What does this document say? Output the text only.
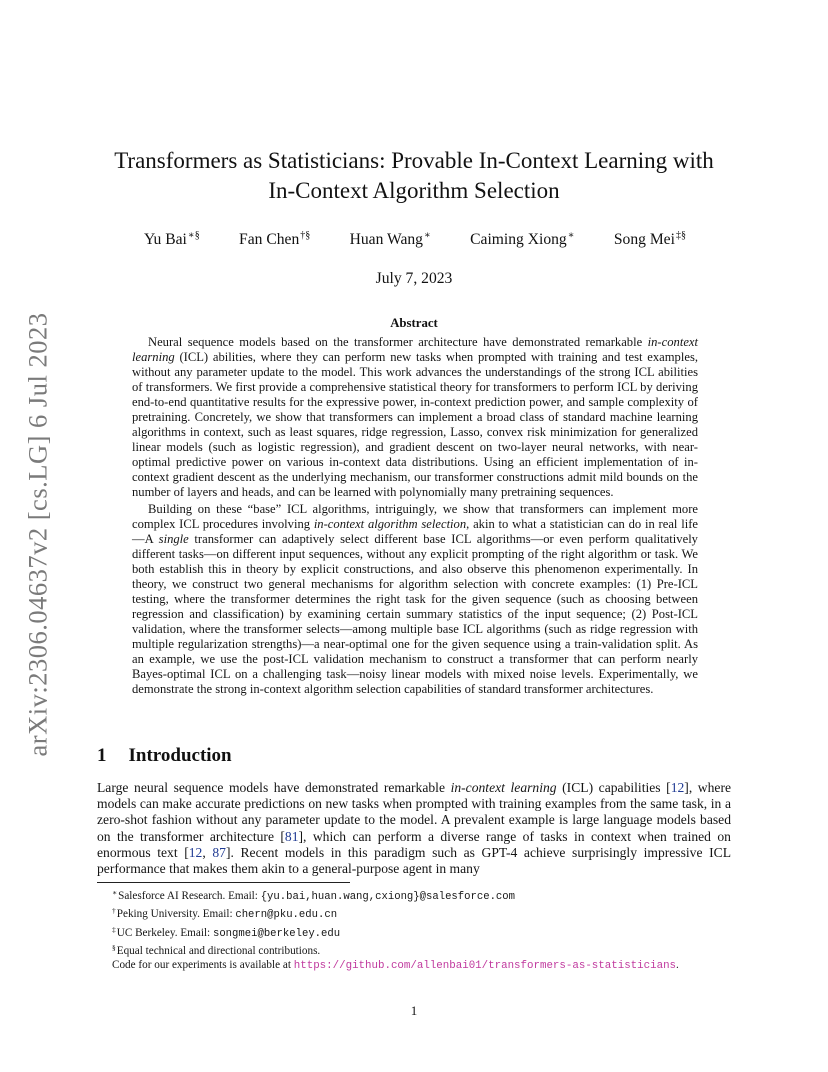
arXiv:2306.04637v2 [cs.LG] 6 Jul 2023
Transformers as Statisticians: Provable In-Context Learning with
In-Context Algorithm Selection
Yu Bai∗§	Fan Chen†§	Huan Wang∗	Caiming Xiong∗	Song Mei‡§
July 7, 2023
Abstract

Neural sequence models based on the transformer architecture have demonstrated remarkable in-context learning (ICL) abilities, where they can perform new tasks when prompted with training and test examples, without any parameter update to the model. This work advances the understandings of the strong ICL abilities of transformers. We first provide a comprehensive statistical theory for transformers to perform ICL by deriving end-to-end quantitative results for the expressive power, in-context prediction power, and sample complexity of pretraining. Concretely, we show that transformers can implement a broad class of standard machine learning algorithms in context, such as least squares, ridge regression, Lasso, convex risk minimization for generalized linear models (such as logistic regression), and gradient descent on two-layer neural networks, with near-optimal predictive power on various in-context data distributions. Using an efficient implementation of in-context gradient descent as the underlying mechanism, our transformer constructions admit mild bounds on the number of layers and heads, and can be learned with polynomially many pretraining sequences.

Building on these “base” ICL algorithms, intriguingly, we show that transformers can implement more complex ICL procedures involving in-context algorithm selection, akin to what a statistician can do in real life—A single transformer can adaptively select different base ICL algorithms—or even perform qualitatively different tasks—on different input sequences, without any explicit prompting of the right algorithm or task. We both establish this in theory by explicit constructions, and also observe this phenomenon experimentally. In theory, we construct two general mechanisms for algorithm selection with concrete examples: (1) Pre-ICL testing, where the transformer determines the right task for the given sequence (such as choosing between regression and classification) by examining certain summary statistics of the input sequence; (2) Post-ICL validation, where the transformer selects—among multiple base ICL algorithms (such as ridge regression with multiple regularization strengths)—a near-optimal one for the given sequence using a train-validation split. As an example, we use the post-ICL validation mechanism to construct a transformer that can perform nearly Bayes-optimal ICL on a challenging task—noisy linear models with mixed noise levels. Experimentally, we demonstrate the strong in-context algorithm selection capabilities of standard transformer architectures.

1 Introduction

Large neural sequence models have demonstrated remarkable in-context learning (ICL) capabilities [12], where models can make accurate predictions on new tasks when prompted with training examples from the same task, in a zero-shot fashion without any parameter update to the model. A prevalent example is large language models based on the transformer architecture [81], which can perform a diverse range of tasks in context when trained on enormous text [12, 87]. Recent models in this paradigm such as GPT-4 achieve surprisingly impressive ICL performance that makes them akin to a general-purpose agent in many

∗Salesforce AI Research. Email: {yu.bai,huan.wang,cxiong}@salesforce.com
†Peking University. Email: chern@pku.edu.cn
‡UC Berkeley. Email: songmei@berkeley.edu
§Equal technical and directional contributions.
Code for our experiments is available at https://github.com/allenbai01/transformers-as-statisticians.
1
